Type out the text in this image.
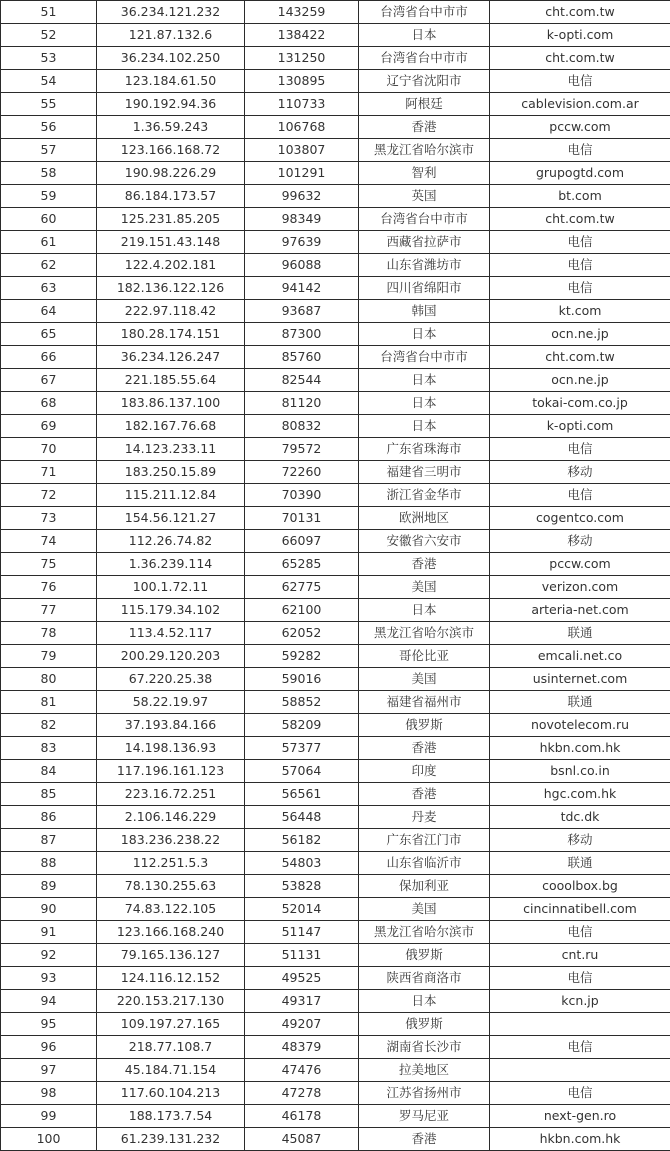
51	36.234.121.232	143259	台湾省台中市市	cht.com.tw
52	121.87.132.6	138422	日本	k-opti.com
53	36.234.102.250	131250	台湾省台中市市	cht.com.tw
54	123.184.61.50	130895	辽宁省沈阳市	电信
55	190.192.94.36	110733	阿根廷	cablevision.com.ar
56	1.36.59.243	106768	香港	pccw.com
57	123.166.168.72	103807	黑龙江省哈尔滨市	电信
58	190.98.226.29	101291	智利	grupogtd.com
59	86.184.173.57	99632	英国	bt.com
60	125.231.85.205	98349	台湾省台中市市	cht.com.tw
61	219.151.43.148	97639	西藏省拉萨市	电信
62	122.4.202.181	96088	山东省潍坊市	电信
63	182.136.122.126	94142	四川省绵阳市	电信
64	222.97.118.42	93687	韩国	kt.com
65	180.28.174.151	87300	日本	ocn.ne.jp
66	36.234.126.247	85760	台湾省台中市市	cht.com.tw
67	221.185.55.64	82544	日本	ocn.ne.jp
68	183.86.137.100	81120	日本	tokai-com.co.jp
69	182.167.76.68	80832	日本	k-opti.com
70	14.123.233.11	79572	广东省珠海市	电信
71	183.250.15.89	72260	福建省三明市	移动
72	115.211.12.84	70390	浙江省金华市	电信
73	154.56.121.27	70131	欧洲地区	cogentco.com
74	112.26.74.82	66097	安徽省六安市	移动
75	1.36.239.114	65285	香港	pccw.com
76	100.1.72.11	62775	美国	verizon.com
77	115.179.34.102	62100	日本	arteria-net.com
78	113.4.52.117	62052	黑龙江省哈尔滨市	联通
79	200.29.120.203	59282	哥伦比亚	emcali.net.co
80	67.220.25.38	59016	美国	usinternet.com
81	58.22.19.97	58852	福建省福州市	联通
82	37.193.84.166	58209	俄罗斯	novotelecom.ru
83	14.198.136.93	57377	香港	hkbn.com.hk
84	117.196.161.123	57064	印度	bsnl.co.in
85	223.16.72.251	56561	香港	hgc.com.hk
86	2.106.146.229	56448	丹麦	tdc.dk
87	183.236.238.22	56182	广东省江门市	移动
88	112.251.5.3	54803	山东省临沂市	联通
89	78.130.255.63	53828	保加利亚	cooolbox.bg
90	74.83.122.105	52014	美国	cincinnatibell.com
91	123.166.168.240	51147	黑龙江省哈尔滨市	电信
92	79.165.136.127	51131	俄罗斯	cnt.ru
93	124.116.12.152	49525	陕西省商洛市	电信
94	220.153.217.130	49317	日本	kcn.jp
95	109.197.27.165	49207	俄罗斯	
96	218.77.108.7	48379	湖南省长沙市	电信
97	45.184.71.154	47476	拉美地区	
98	117.60.104.213	47278	江苏省扬州市	电信
99	188.173.7.54	46178	罗马尼亚	next-gen.ro
100	61.239.131.232	45087	香港	hkbn.com.hk
